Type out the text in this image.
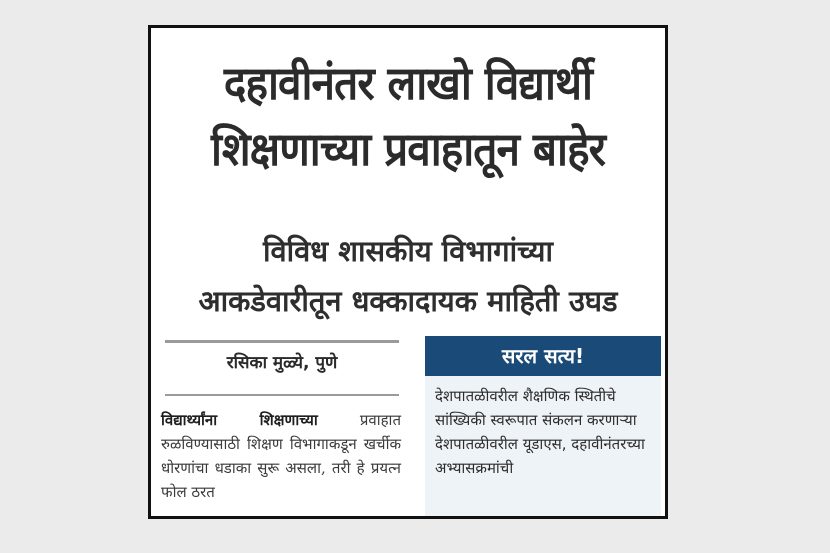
दहावीनंतर लाखो विद्यार्थी
शिक्षणाच्या प्रवाहातून बाहेर
विविध शासकीय विभागांच्या
आकडेवारीतून धक्कादायक माहिती उघड
रसिका मुळ्ये, पुणे
विद्यार्थ्यांना शिक्षणाच्या प्रवाहात रुळविण्यासाठी शिक्षण विभागाकडून खर्चीक धोरणांचा धडाका सुरू असला, तरी हे प्रयत्न फोल ठरत
सरल सत्य!
देशपातळीवरील शैक्षणिक स्थितीचे सांख्यिकी स्वरूपात संकलन करणाऱ्या देशपातळीवरील यूडाएस, दहावीनंतरच्या अभ्यासक्रमांची
